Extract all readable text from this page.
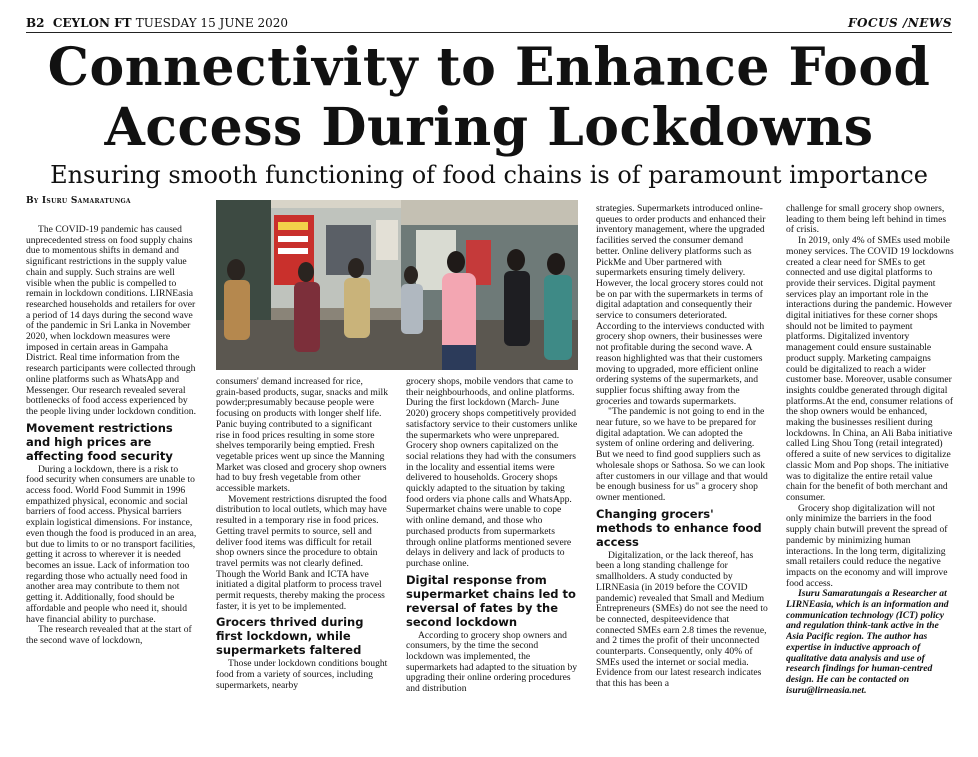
B2 CEYLON FT TUESDAY 15 JUNE 2020	FOCUS /NEWS
Connectivity to Enhance Food
Access During Lockdowns
Ensuring smooth functioning of food chains is of paramount importance
By Isuru Samaratunga

The COVID-19 pandemic has caused unprecedented stress on food supply chains due to momentous shifts in demand and significant restrictions in the supply value chain and supply. Such strains are well visible when the public is compelled to remain in lockdown conditions. LIRNEasia researched households and retailers for over a period of 14 days during the second wave of the pandemic in Sri Lanka in November 2020, when lockdown measures were imposed in certain areas in Gampaha District. Real time information from the research participants were collected through online platforms such as WhatsApp and Messenger. Our research revealed several bottlenecks of food access experienced by the people living under lockdown condition.

Movement restrictions and high prices are affecting food security

During a lockdown, there is a risk to food security when consumers are unable to access food. World Food Summit in 1996 empathized physical, economic and social barriers of food access. Physical barriers explain logistical dimensions. For instance, even though the food is produced in an area, but due to limits to or no transport facilities, getting it across to wherever it is needed becomes an issue. Lack of information too regarding those who actually need food in another area may contribute to them not getting it. Additionally, food should be affordable and people who need it, should have financial ability to purchase.

The research revealed that at the start of the second wave of lockdown,

consumers' demand increased for rice, grain-based products, sugar, snacks and milk powder;presumably because people were focusing on products with longer shelf life. Panic buying contributed to a significant rise in food prices resulting in some store shelves temporarily being emptied. Fresh vegetable prices went up since the Manning Market was closed and grocery shop owners had to buy fresh vegetable from other accessible markets.

Movement restrictions disrupted the food distribution to local outlets, which may have resulted in a temporary rise in food prices. Getting travel permits to source, sell and deliver food items was difficult for retail shop owners since the procedure to obtain travel permits was not clearly defined. Though the World Bank and ICTA have initiated a digital platform to process travel permit requests, thereby making the process faster, it is yet to be implemented.

Grocers thrived during first lockdown, while supermarkets faltered

Those under lockdown conditions bought food from a variety of sources, including supermarkets, nearby

grocery shops, mobile vendors that came to their neighbourhoods, and online platforms. During the first lockdown (March- June 2020) grocery shops competitively provided satisfactory service to their customers unlike the supermarkets who were unprepared. Grocery shop owners capitalized on the social relations they had with the consumers in the locality and essential items were delivered to households. Grocery shops quickly adapted to the situation by taking food orders via phone calls and WhatsApp. Supermarket chains were unable to cope with online demand, and those who purchased products from supermarkets through online platforms mentioned severe delays in delivery and lack of products to purchase online.

Digital response from supermarket chains led to reversal of fates by the second lockdown

According to grocery shop owners and consumers, by the time the second lockdown was implemented, the supermarkets had adapted to the situation by upgrading their online ordering procedures and distribution

strategies. Supermarkets introduced online-queues to order products and enhanced their inventory management, where the upgraded facilities served the consumer demand better. Online delivery platforms such as PickMe and Uber partnered with supermarkets ensuring timely delivery. However, the local grocery stores could not be on par with the supermarkets in terms of digital adaptation and consequently their service to consumers deteriorated. According to the interviews conducted with grocery shop owners, their businesses were not profitable during the second wave. A reason highlighted was that their customers moving to upgraded, more efficient online ordering systems of the supermarkets, and supplier focus shifting away from the groceries and towards supermarkets.

"The pandemic is not going to end in the near future, so we have to be prepared for digital adaptation. We can adopted the system of online ordering and delivering. But we need to find good suppliers such as wholesale shops or Sathosa. So we can look after customers in our village and that would be enough business for us" a grocery shop owner mentioned.

Changing grocers' methods to enhance food access

Digitalization, or the lack thereof, has been a long standing challenge for smallholders. A study conducted by LIRNEasia (in 2019 before the COVID pandemic) revealed that Small and Medium Entrepreneurs (SMEs) do not see the need to be connected, despiteevidence that connected SMEs earn 2.8 times the revenue, and 2 times the profit of their unconnected counterparts. Consequently, only 40% of SMEs used the internet or social media. Evidence from our latest research indicates that this has been a

challenge for small grocery shop owners, leading to them being left behind in times of crisis.

In 2019, only 4% of SMEs used mobile money services. The COVID 19 lockdowns created a clear need for SMEs to get connected and use digital platforms to provide their services. Digital payment services play an important role in the interactions during the pandemic. However digital initiatives for these corner shops should not be limited to payment platforms. Digitalized inventory management could ensure sustainable product supply. Marketing campaigns could be digitalized to reach a wider customer base. Moreover, usable consumer insights couldbe generated through digital platforms.At the end, consumer relations of the shop owners would be enhanced, making the businesses resilient during lockdowns. In China, an Ali Baba initiative called Ling Shou Tong (retail integrated) offered a suite of new services to digitalize classic Mom and Pop shops. The initiative was to digitalize the entire retail value chain for the benefit of both merchant and consumer.

Grocery shop digitalization will not only minimize the barriers in the food supply chain butwill prevent the spread of pandemic by minimizing human interactions. In the long term, digitalizing small retailers could reduce the negative impacts on the economy and will improve food access.

Isuru Samaratungais a Researcher at LIRNEasia, which is an information and communication technology (ICT) policy and regulation think-tank active in the Asia Pacific region. The author has expertise in inductive approach of qualitative data analysis and use of research findings for human-centred design. He can be contacted on isuru@lirneasia.net.
